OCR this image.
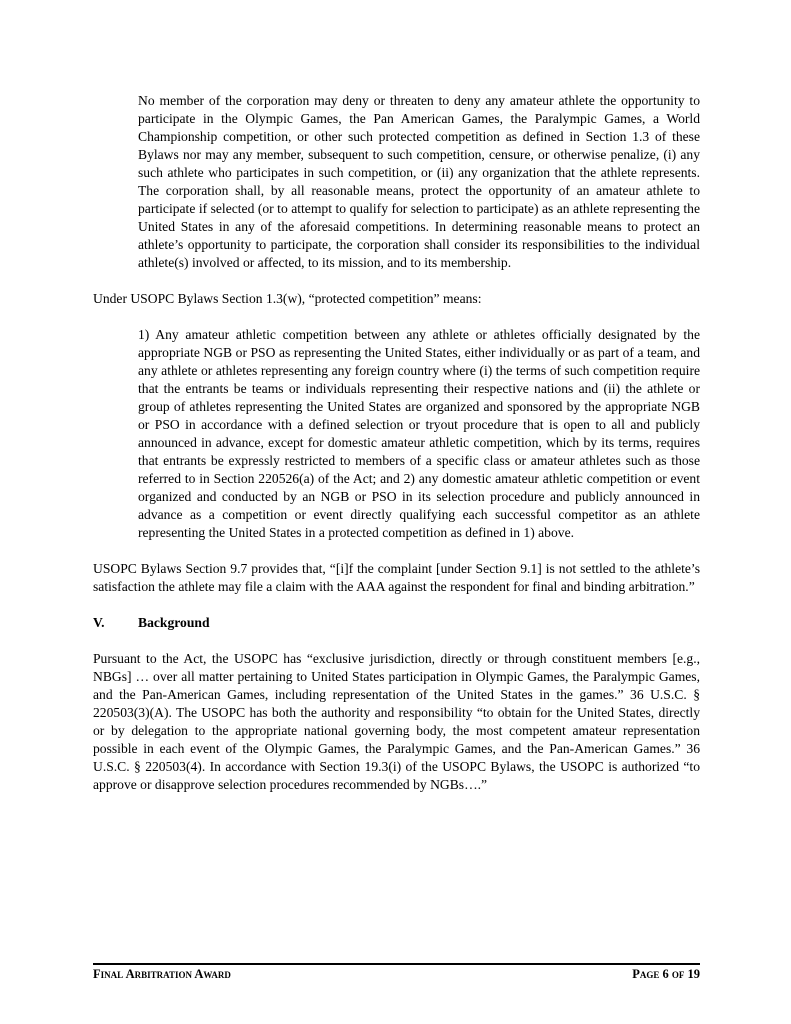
No member of the corporation may deny or threaten to deny any amateur athlete the opportunity to participate in the Olympic Games, the Pan American Games, the Paralympic Games, a World Championship competition, or other such protected competition as defined in Section 1.3 of these Bylaws nor may any member, subsequent to such competition, censure, or otherwise penalize, (i) any such athlete who participates in such competition, or (ii) any organization that the athlete represents. The corporation shall, by all reasonable means, protect the opportunity of an amateur athlete to participate if selected (or to attempt to qualify for selection to participate) as an athlete representing the United States in any of the aforesaid competitions. In determining reasonable means to protect an athlete’s opportunity to participate, the corporation shall consider its responsibilities to the individual athlete(s) involved or affected, to its mission, and to its membership.

Under USOPC Bylaws Section 1.3(w), “protected competition” means:

1) Any amateur athletic competition between any athlete or athletes officially designated by the appropriate NGB or PSO as representing the United States, either individually or as part of a team, and any athlete or athletes representing any foreign country where (i) the terms of such competition require that the entrants be teams or individuals representing their respective nations and (ii) the athlete or group of athletes representing the United States are organized and sponsored by the appropriate NGB or PSO in accordance with a defined selection or tryout procedure that is open to all and publicly announced in advance, except for domestic amateur athletic competition, which by its terms, requires that entrants be expressly restricted to members of a specific class or amateur athletes such as those referred to in Section 220526(a) of the Act; and 2) any domestic amateur athletic competition or event organized and conducted by an NGB or PSO in its selection procedure and publicly announced in advance as a competition or event directly qualifying each successful competitor as an athlete representing the United States in a protected competition as defined in 1) above.

USOPC Bylaws Section 9.7 provides that, “[i]f the complaint [under Section 9.1] is not settled to the athlete’s satisfaction the athlete may file a claim with the AAA against the respondent for final and binding arbitration.”

V. Background

Pursuant to the Act, the USOPC has “exclusive jurisdiction, directly or through constituent members [e.g., NBGs] … over all matter pertaining to United States participation in Olympic Games, the Paralympic Games, and the Pan-American Games, including representation of the United States in the games.” 36 U.S.C. § 220503(3)(A). The USOPC has both the authority and responsibility “to obtain for the United States, directly or by delegation to the appropriate national governing body, the most competent amateur representation possible in each event of the Olympic Games, the Paralympic Games, and the Pan-American Games.” 36 U.S.C. § 220503(4). In accordance with Section 19.3(i) of the USOPC Bylaws, the USOPC is authorized “to approve or disapprove selection procedures recommended by NGBs….”

Final Arbitration Award	Page 6 of 19
